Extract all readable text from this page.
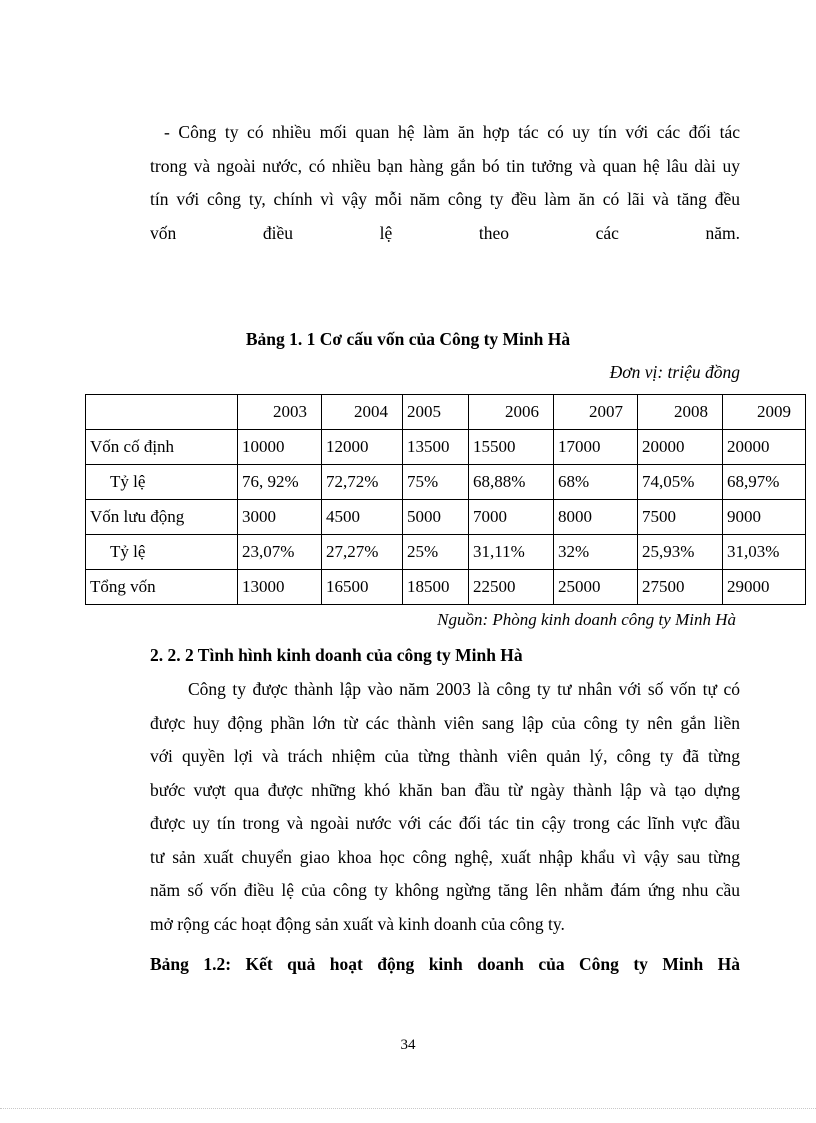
- Công ty có nhiều mối quan hệ làm ăn hợp tác có uy tín với các đối tác
trong và ngoài nước, có nhiều bạn hàng gắn bó tin tưởng và quan hệ lâu dài uy
tín với công ty, chính vì vậy mỗi năm công ty đều làm ăn có lãi và tăng đều
vốn điều lệ theo các năm.
Bảng 1. 1 Cơ cấu vốn của Công ty Minh Hà
Đơn vị: triệu đồng
	2003	2004	2005	2006	2007	2008	2009
Vốn cố định	10000	12000	13500	15500	17000	20000	20000
Tỷ lệ	76, 92%	72,72%	75%	68,88%	68%	74,05%	68,97%
Vốn lưu động	3000	4500	5000	7000	8000	7500	9000
Tỷ lệ	23,07%	27,27%	25%	31,11%	32%	25,93%	31,03%
Tổng vốn	13000	16500	18500	22500	25000	27500	29000
Nguồn: Phòng kinh doanh công ty Minh Hà
2. 2. 2 Tình hình kinh doanh của công ty Minh Hà
Công ty được thành lập vào năm 2003 là công ty tư nhân với số vốn tự có
được huy động phần lớn từ các thành viên sang lập của công ty nên gắn liền
với quyền lợi và trách nhiệm của từng thành viên quản lý, công ty đã từng
bước vượt qua được những khó khăn ban đầu từ ngày thành lập và tạo dựng
được uy tín trong và ngoài nước với các đối tác tin cậy trong các lĩnh vực đầu
tư sản xuất chuyển giao khoa học công nghệ, xuất nhập khẩu vì vậy sau từng
năm số vốn điều lệ của công ty không ngừng tăng lên nhằm đám ứng nhu cầu
mở rộng các hoạt động sản xuất và kinh doanh của công ty.
Bảng 1.2: Kết quả hoạt động kinh doanh của Công ty Minh Hà
34
